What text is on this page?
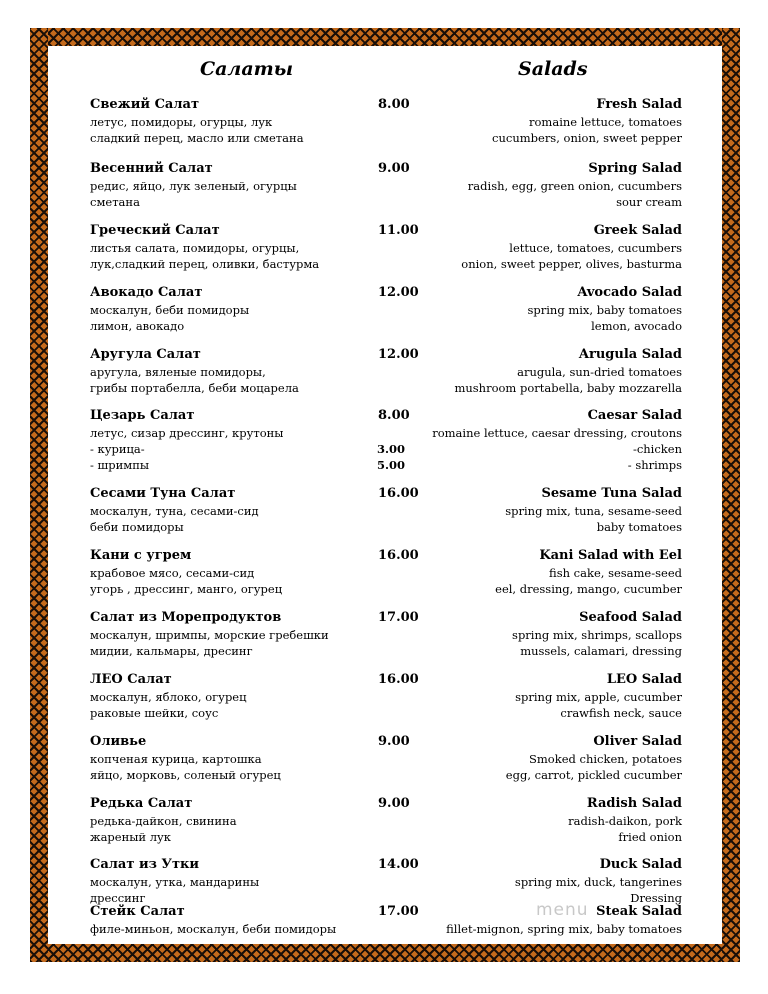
Салаты	Salads
Свежий Салат	8.00	Fresh Salad
летус, помидоры, огурцы, лук	romaine lettuce, tomatoes
сладкий перец, масло или сметана	cucumbers, onion, sweet pepper
Весенний Салат	9.00	Spring Salad
редис, яйцо, лук зеленый, огурцы	radish, egg, green onion, cucumbers
сметана	sour cream
Греческий Салат	11.00	Greek Salad
листья салата, помидоры, огурцы,	lettuce, tomatoes, cucumbers
лук,сладкий перец, оливки, бастурма	onion, sweet pepper, olives, basturma
Авокадо Салат	12.00	Avocado Salad
москалун, беби помидоры	spring mix, baby tomatoes
лимон, авокадо	lemon, avocado
Аругула Салат	12.00	Arugula Salad
аругула, вяленые помидоры,	arugula, sun-dried tomatoes
грибы портабелла, беби моцарела	mushroom portabella, baby mozzarella
Цезарь Салат	8.00	Caesar Salad
летус, сизар дрессинг, крутоны	romaine lettuce, caesar dressing, croutons
- курица-	3.00	-chicken
- шримпы	5.00	- shrimps
Сесами Туна Салат	16.00	Sesame Tuna Salad
москалун, туна, сесами-сид	spring mix, tuna, sesame-seed
беби помидоры	baby tomatoes
Кани с угрем	16.00	Kani Salad with Eel
крабовое мясо, сесами-сид	fish cake, sesame-seed
угорь , дрессинг, манго, огурец	eel, dressing, mango, cucumber
Салат из Морепродуктов	17.00	Seafood Salad
москалун, шримпы, морские гребешки	spring mix, shrimps, scallops
мидии, кальмары, дресинг	mussels, calamari, dressing
ЛЕО Салат	16.00	LEO Salad
москалун, яблоко, огурец	spring mix, apple, cucumber
раковые шейки, соус	crawfish neck, sauce
Оливье	9.00	Oliver Salad
копченая курица, картошка	Smoked chicken, potatoes
яйцо, морковь, соленый огурец	egg, carrot, pickled cucumber
Редька Салат	9.00	Radish Salad
редька-дайкон, свинина	radish-daikon, pork
жареный лук	fried onion
Салат из Утки	14.00	Duck Salad
москалун, утка, мандарины	spring mix, duck, tangerines
дрессинг	Dressing
Стейк Салат	17.00	Steak Salad
филе-миньон, москалун, беби помидоры	fillet-mignon, spring mix, baby tomatoes
menu
